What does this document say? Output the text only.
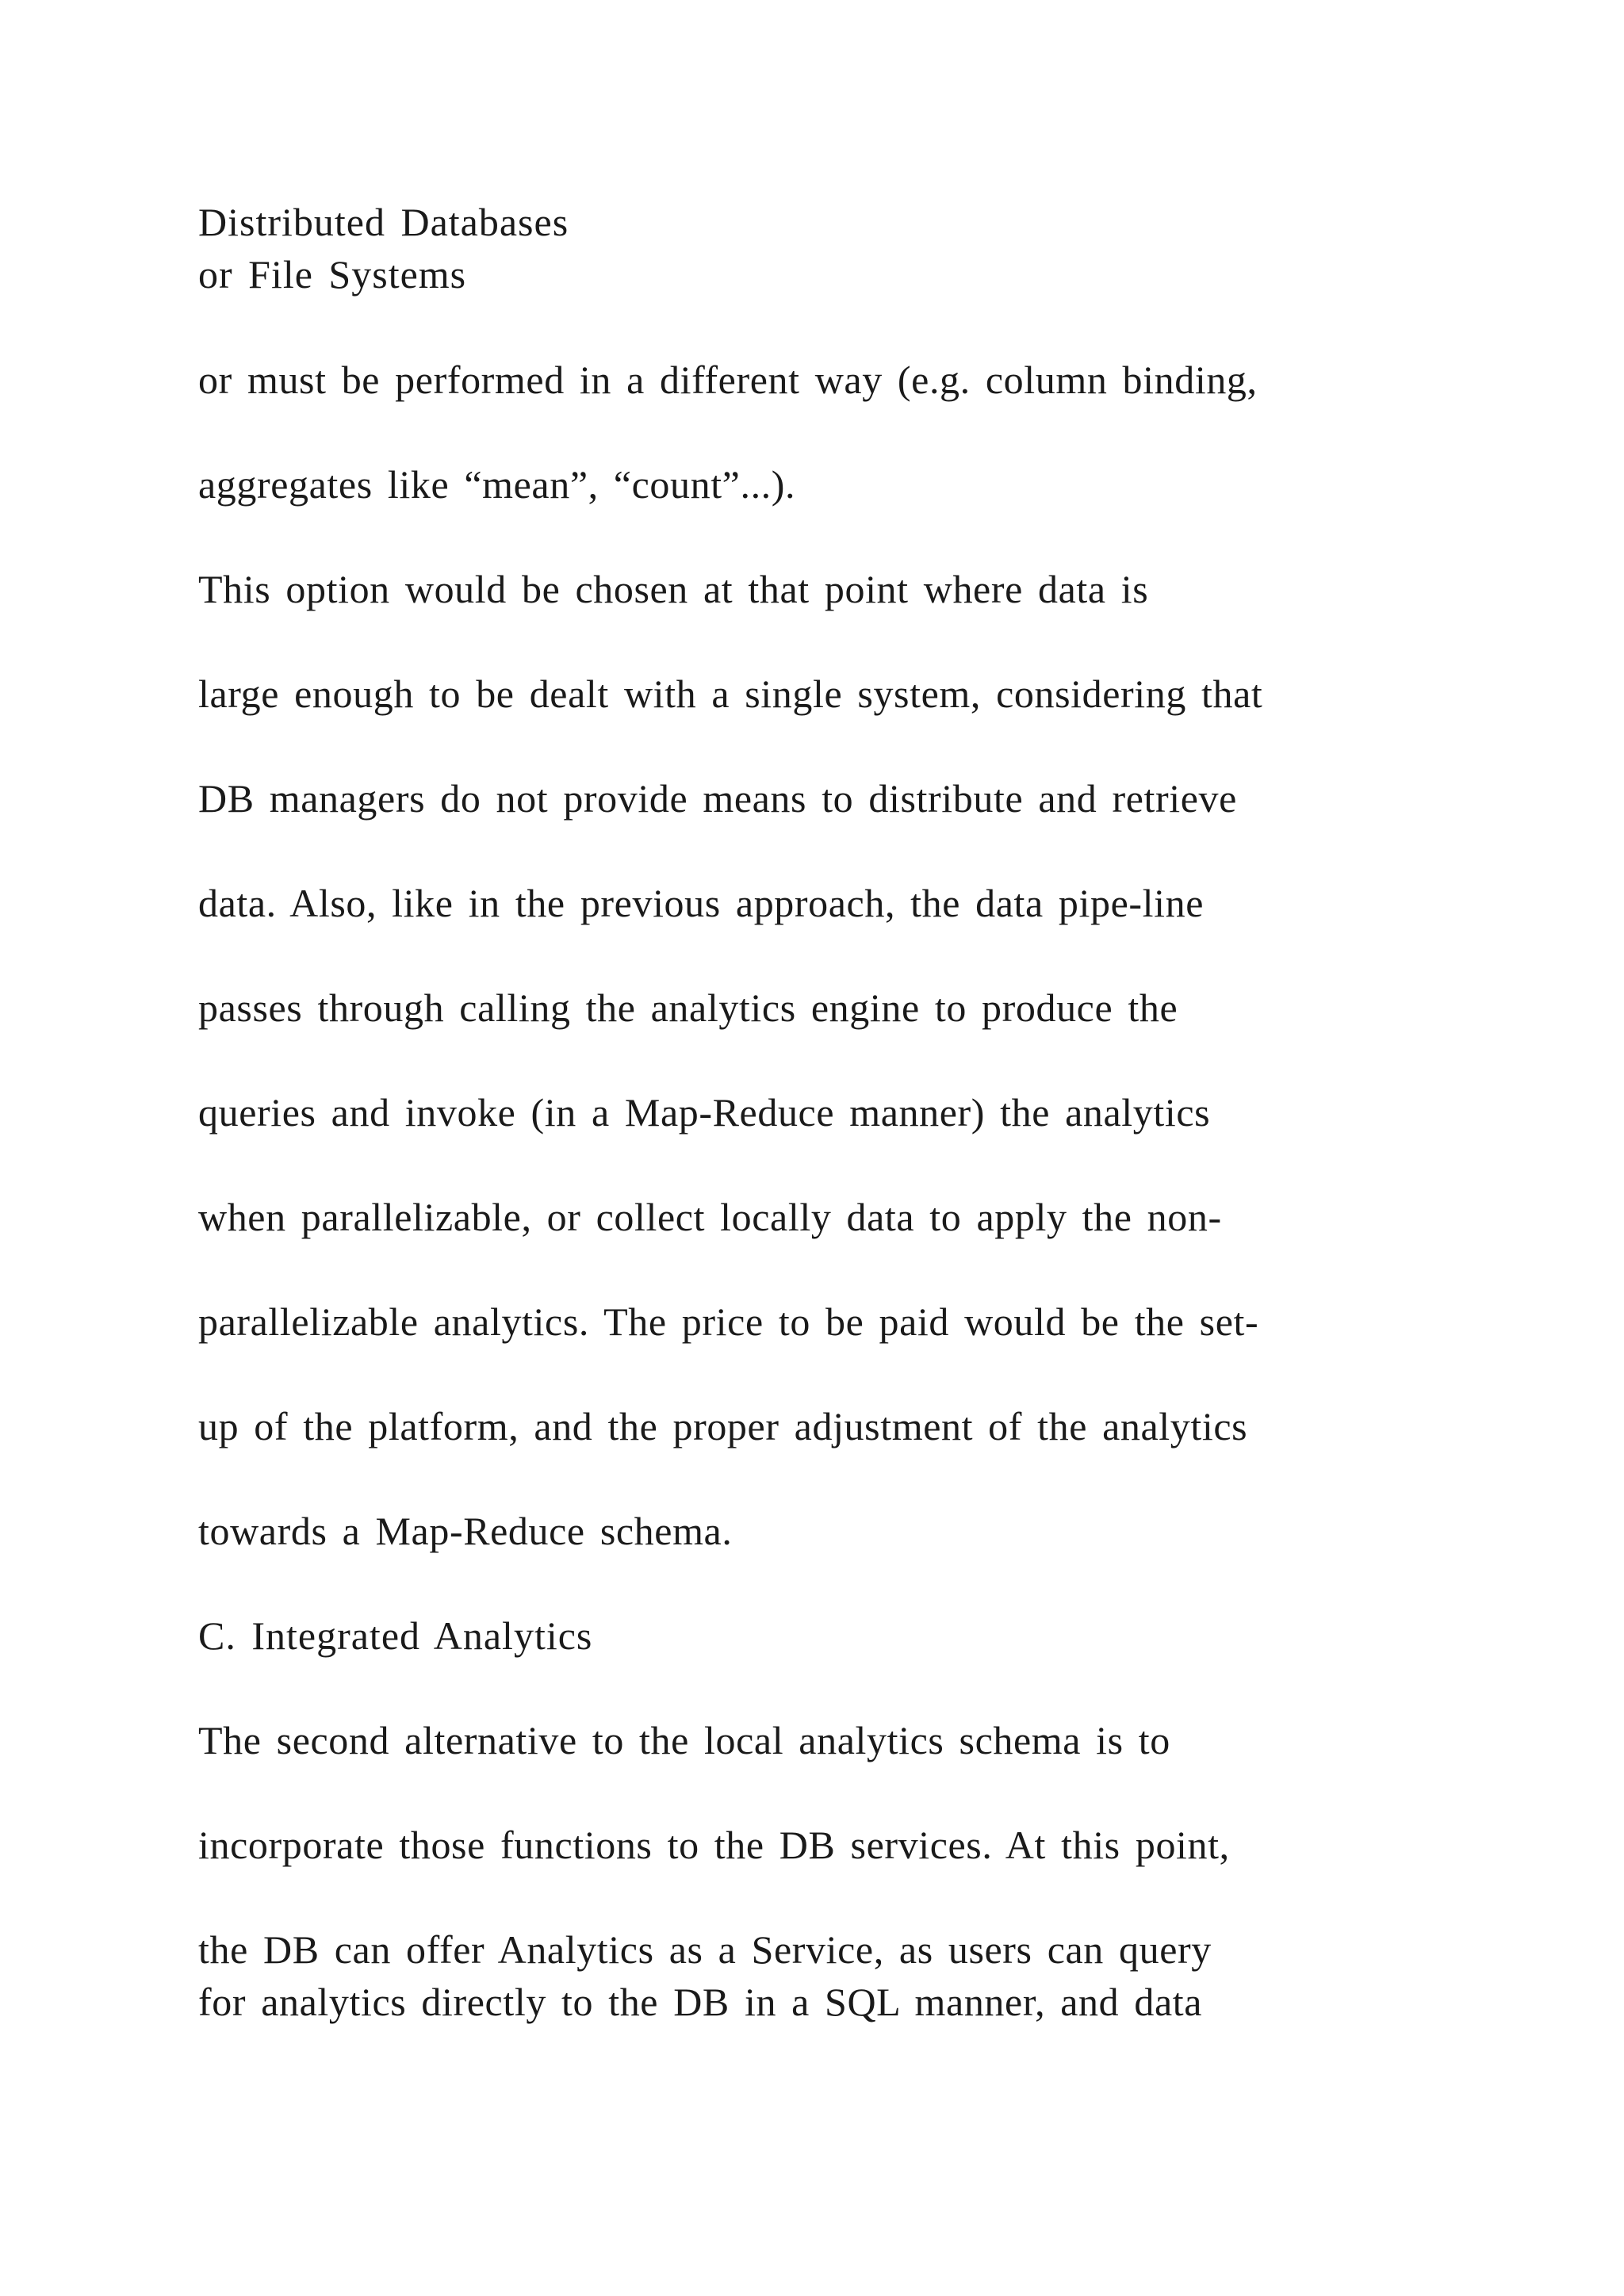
Distributed Databases

or File Systems

or must be performed in a different way (e.g. column binding,

aggregates like “mean”, “count”...).

This option would be chosen at that point where data is

large enough to be dealt with a single system, considering that

DB managers do not provide means to distribute and retrieve

data. Also, like in the previous approach, the data pipe-line

passes through calling the analytics engine to produce the

queries and invoke (in a Map-Reduce manner) the analytics

when parallelizable, or collect locally data to apply the non-

parallelizable analytics. The price to be paid would be the set-

up of the platform, and the proper adjustment of the analytics

towards a Map-Reduce schema.

C. Integrated Analytics

The second alternative to the local analytics schema is to

incorporate those functions to the DB services. At this point,

the DB can offer Analytics as a Service, as users can query

for analytics directly to the DB in a SQL manner, and data
